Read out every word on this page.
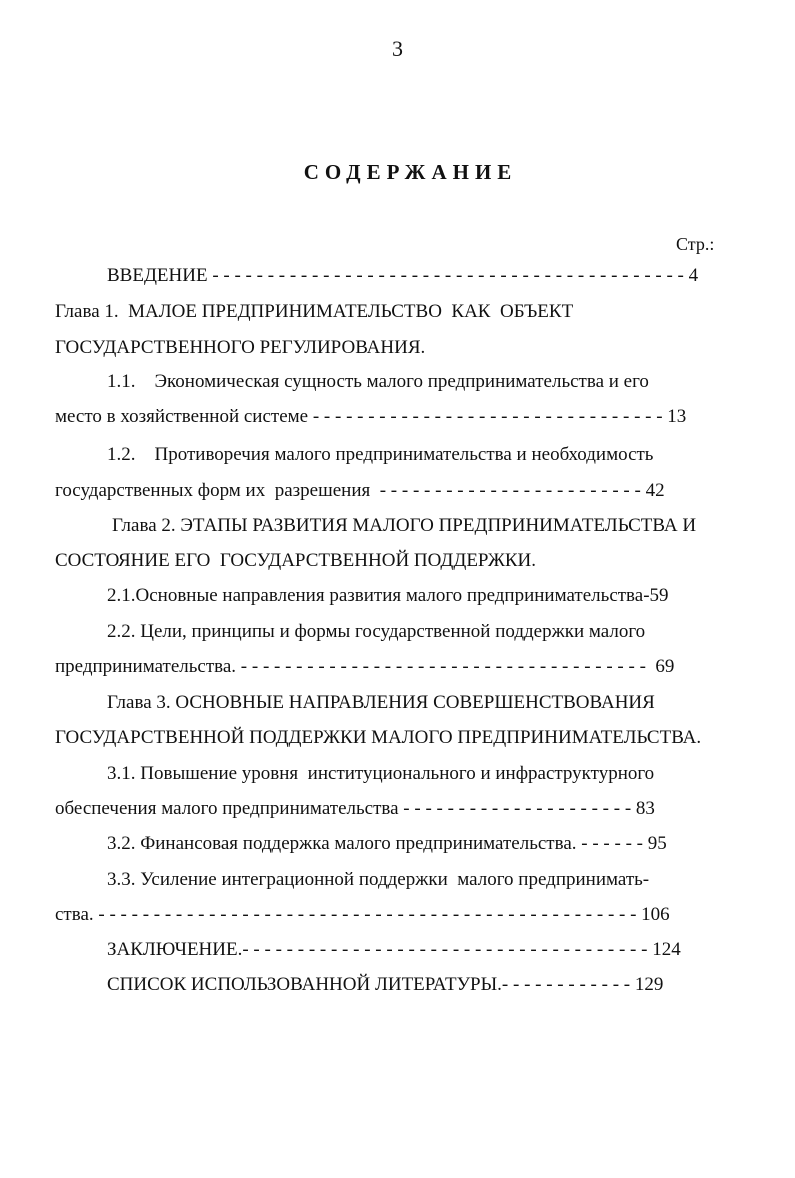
3
СОДЕРЖАНИЕ
Стр.:
ВВЕДЕНИЕ - - - - - - - - - - - - - - - - - - - - - - - - - - - - - - - - - - - - - - - - - - - 4
Глава 1.  МАЛОЕ ПРЕДПРИНИМАТЕЛЬСТВО  КАК  ОБЪЕКТ
ГОСУДАРСТВЕННОГО РЕГУЛИРОВАНИЯ.
1.1.    Экономическая сущность малого предпринимательства и его
место в хозяйственной системе - - - - - - - - - - - - - - - - - - - - - - - - - - - - - - - - 13
1.2.    Противоречия малого предпринимательства и необходимость
государственных форм их  разрешения  - - - - - - - - - - - - - - - - - - - - - - - - 42
Глава 2. ЭТАПЫ РАЗВИТИЯ МАЛОГО ПРЕДПРИНИМАТЕЛЬСТВА И
СОСТОЯНИЕ ЕГО  ГОСУДАРСТВЕННОЙ ПОДДЕРЖКИ.
2.1.Основные направления развития малого предпринимательства-59
2.2. Цели, принципы и формы государственной поддержки малого
предпринимательства. - - - - - - - - - - - - - - - - - - - - - - - - - - - - - - - - - - - - -  69
Глава 3. ОСНОВНЫЕ НАПРАВЛЕНИЯ СОВЕРШЕНСТВОВАНИЯ
ГОСУДАРСТВЕННОЙ ПОДДЕРЖКИ МАЛОГО ПРЕДПРИНИМАТЕЛЬСТВА.
3.1. Повышение уровня  институционального и инфраструктурного
обеспечения малого предпринимательства - - - - - - - - - - - - - - - - - - - - - 83
3.2. Финансовая поддержка малого предпринимательства. - - - - - - 95
3.3. Усиление интеграционной поддержки  малого предпринимать-
ства. - - - - - - - - - - - - - - - - - - - - - - - - - - - - - - - - - - - - - - - - - - - - - - - - - 106
ЗАКЛЮЧЕНИЕ.- - - - - - - - - - - - - - - - - - - - - - - - - - - - - - - - - - - - - 124
СПИСОК ИСПОЛЬЗОВАННОЙ ЛИТЕРАТУРЫ.- - - - - - - - - - - - 129
